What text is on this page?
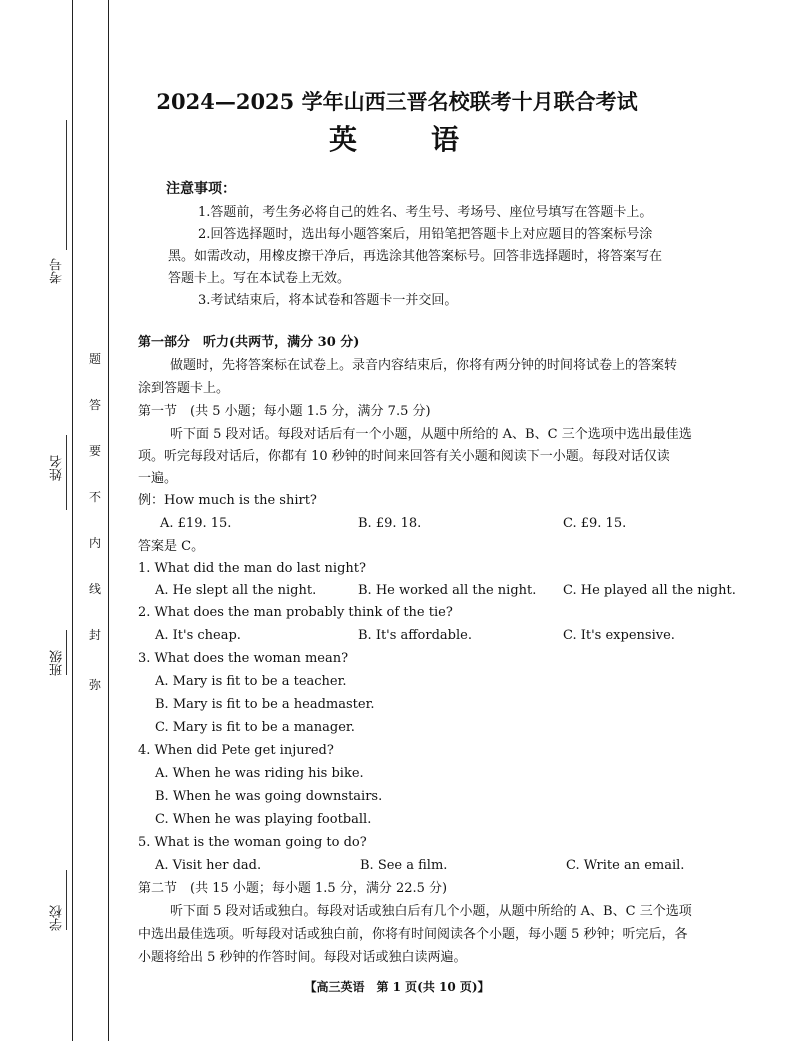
学校
班级
姓名
考号
弥
封
线
内
不
要
答
题
2024—2025 学年山西三晋名校联考十月联合考试
英　　语
注意事项：
1.答题前，考生务必将自己的姓名、考生号、考场号、座位号填写在答题卡上。
2.回答选择题时，选出每小题答案后，用铅笔把答题卡上对应题目的答案标号涂
黑。如需改动，用橡皮擦干净后，再选涂其他答案标号。回答非选择题时，将答案写在
答题卡上。写在本试卷上无效。
3.考试结束后，将本试卷和答题卡一并交回。
第一部分　听力(共两节，满分 30 分)
做题时，先将答案标在试卷上。录音内容结束后，你将有两分钟的时间将试卷上的答案转
涂到答题卡上。
第一节　(共 5 小题；每小题 1.5 分，满分 7.5 分)
听下面 5 段对话。每段对话后有一个小题，从题中所给的 A、B、C 三个选项中选出最佳选
项。听完每段对话后，你都有 10 秒钟的时间来回答有关小题和阅读下一小题。每段对话仅读
一遍。
例：How much is the shirt?
A. £19. 15.	B. £9. 18.	C. £9. 15.
答案是 C。
1. What did the man do last night?
A. He slept all the night.	B. He worked all the night. C. He played all the night.
2. What does the man probably think of the tie?
A. It's cheap.	B. It's affordable.	C. It's expensive.
3. What does the woman mean?
A. Mary is fit to be a teacher.
B. Mary is fit to be a headmaster.
C. Mary is fit to be a manager.
4. When did Pete get injured?
A. When he was riding his bike.
B. When he was going downstairs.
C. When he was playing football.
5. What is the woman going to do?
A. Visit her dad.	B. See a film.	C. Write an email.
第二节　(共 15 小题；每小题 1.5 分，满分 22.5 分)
听下面 5 段对话或独白。每段对话或独白后有几个小题，从题中所给的 A、B、C 三个选项
中选出最佳选项。听每段对话或独白前，你将有时间阅读各个小题，每小题 5 秒钟；听完后，各
小题将给出 5 秒钟的作答时间。每段对话或独白读两遍。
【高三英语　第 1 页(共 10 页)】
